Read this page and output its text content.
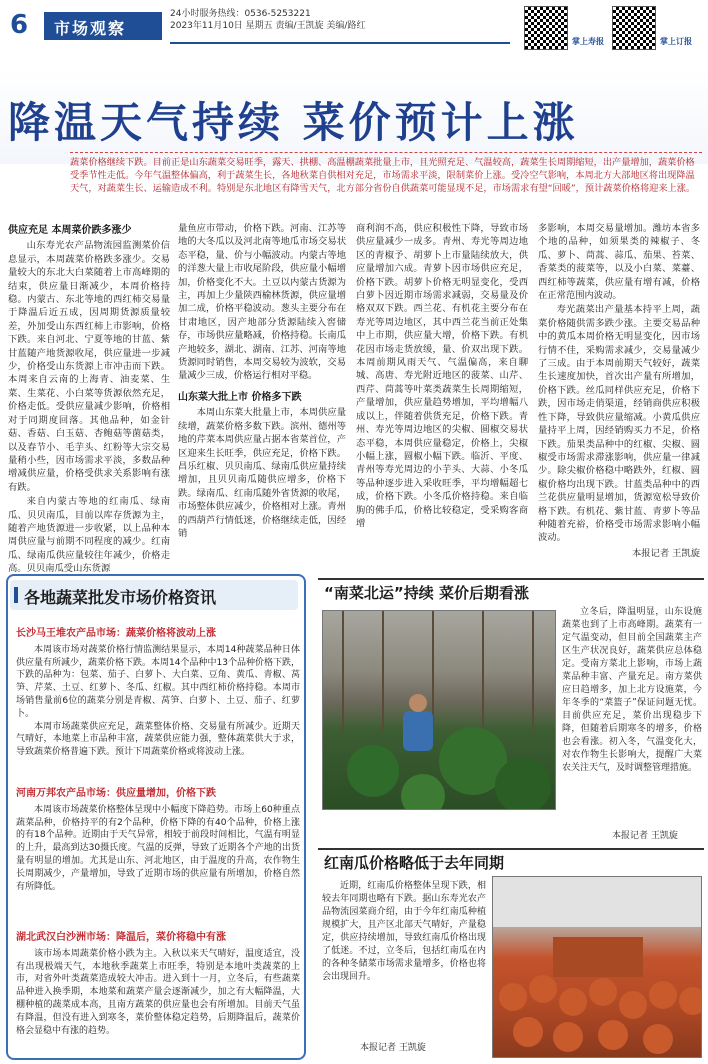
6	市场观察
24小时服务热线：0536-5253221
2023年11月10日 星期五 责编/王凯旋 美编/路红
掌上寿报	掌上订报
降温天气持续 菜价预计上涨
蔬菜价格继续下跌。目前正是山东蔬菜交易旺季，露天、拱棚、高温棚蔬菜批量上市，且光照充足、气温较高，蔬菜生长周期缩短，出产量增加，蔬菜价格受季节性走低。今年气温整体偏高，利于蔬菜生长，各地秋菜自供相对充足，市场需求平淡，限制菜价上涨。受冷空气影响，本周北方大部地区将出现降温天气，对蔬菜生长、运输造成不利。特别是东北地区有降雪天气，北方部分省份自供蔬菜可能显现不足，市场需求有望“回暖”，预计蔬菜价格将迎来上涨。
供应充足 本周菜价跌多涨少

山东寿光农产品物流园监测菜价信息显示，本周蔬菜价格跌多涨少。交易量较大的东北大白菜随着上市高峰期的结束，供应量日渐减少，本周价格持稳。内蒙古、东北等地的西红柿交易量于降温后近五成，因周期货源质量较差，外加受山东西红柿上市影响，价格下跌。来自河北、宁夏等地的甘蓝、紫甘蓝随产地货源收尾，供应量进一步减少，价格受山东货源上市冲击而下跌。本周来自云南的上海青、油麦菜、生菜、生菜花、小白菜等货源依然充足，价格走低。受供应量减少影响，价格相对于同期度回落。其他品种，如金针菇、香菇、白玉菇、杏鲍菇等菌菇类，以及春节小、毛芋头、红粉等大宗交易量稍小些，因市场需求平淡，多数品种增减供应量，价格受供求关系影响有涨有跌。

来自内蒙古等地的红南瓜、绿南瓜、贝贝南瓜，目前以库存货源为主，随着产地货源进一步收紧，以上品种本周供应量与前期不同程度的减少。红南瓜、绿南瓜供应量较往年减少，价格走高。贝贝南瓜受山东货源

量鱼应市带动，价格下跌。河南、江苏等地的大冬瓜以及河北南等地瓜市场交易状态平稳，量、价与小幅波动。内蒙古等地的洋葱大量上市收尾阶段，供应量小幅增加，价格变化不大。土豆以内蒙古货源为主，再加上少量陕西榆林货源，供应量增加二成，价格平稳波动。葱头主要分布在甘肃地区，因产地部分货源陆续入窖储存，市场供应量略减，价格持稳。长南瓜产地较多，湖北、湖南、江苏、河南等地货源同时销售，本周交易较为波软，交易量减少三成，价格运行相对平稳。

山东菜大批上市 价格多下跌

本周山东菜大批量上市，本周供应量续增，蔬菜价格多数下跌。滨州、德州等地的芹菜本周供应量占据本省菜首位，产区迎来生长旺季，供应充足，价格下跌。昌乐红椒、贝贝南瓜、绿南瓜供应量持续增加，且贝贝南瓜随供应增多，价格下跌。绿南瓜、红南瓜随外省货源的收尾，市场整体供应减少，价格相对上涨。青州的西葫芦行情低迷，价格继续走低，因经销

商利润不高，供应积极性下降，导致市场供应量减少一成多。青州、寿光等周边地区的青椒予、胡萝卜上市量陆续放大，供应量增加六成。青萝卜因市场供应充足，价格下跌。胡萝卜价格无明显变化，受西白萝卜因近期市场需求减弱，交易量及价格双双下跌。西兰花、有机花主要分布在寿光等周边地区，其中西兰花当前正处集中上市期，供应量大增，价格下跌。有机花因市场走货放缓，量、价双出现下跌。本周前期风雨天气、气温偏高，来自聊城、高唐、寿光附近地区的菠菜、山芹、西芹、茼蒿等叶菜类蔬菜生长周期缩短，产量增加，供应量趋势增加，平均增幅八成以上，伴随着供货充足，价格下跌。青州、寿光等周边地区的尖椒、圆椒交易状态平稳，本周供应量稳定，价格上，尖椒小幅上涨，圆椒小幅下跌。临沂、平度、青州等寿光周边的小芋头、大蒜、小冬瓜等品种逐步进入采收旺季，平均增幅超七成，价格下跌。小冬瓜价格持稳。来自临朐的佛手瓜，价格比较稳定，受采购客商增

多影响，本周交易量增加。潍坊本省多个地的品种，如须果类的辣椒子、冬瓜、萝卜、茼蒿、蒜瓜、茄果、苔菜、香菜类的菠菜等，以及小白菜、菜薹、西红柿等蔬菜，供应量有增有减，价格在正常范围内波动。

寿光蔬菜出产量基本持平上周，蔬菜价格随供需多跌少涨。主要交易品种中的黄瓜本周价格无明显变化，因市场行情不佳，采购需求减少，交易量减少了三成。由于本周前期天气较好，蔬菜生长速度加快，首次出产量有所增加，价格下跌。丝瓜同样供应充足，价格下跌，因市场走俏渠道，经销商供应积极性下降，导致供应量缩减。小黄瓜供应量持平上周，因经销购买力不足，价格下跌。茄果类品种中的红椒、尖椒、圆椒受市场需求滞涨影响，供应量一律减少。除尖椒价格稳中略跌外，红椒、圆椒价格均出现下跌。甘蓝类品种中的西兰花供应量明显增加，货源宽松导致价格下跌。有机花、紫甘蓝、青萝卜等品种随着充裕，价格受市场需求影响小幅波动。

本报记者 王凯旋
各地蔬菜批发市场价格资讯
长沙马王堆农产品市场：蔬菜价格将波动上涨

本周该市场对蔬菜价格行情监测结果显示，本周14种蔬菜品种日体供应量有所减少，蔬菜价格下跌。本周14个品种中13个品种价格下跌，下跌的品种为：包菜、茄子、白萝卜、大白菜、豆角、黄瓜、青椒、莴笋、芹菜、土豆、红萝卜、冬瓜、红椒。其中西红柿价格持稳。本周市场销售量前6位的蔬菜分别是青椒、莴笋、白萝卜、土豆、茄子、红萝卜。

本周市场蔬菜供应充足，蔬菜整体价格、交易量有所减少。近期天气晴好，本地菜上市品种丰富，蔬菜供应能力强，整体蔬菜供大于求，导致蔬菜价格普遍下跌。预计下周蔬菜价格或将波动上涨。

河南万邦农产品市场：供应量增加，价格下跌

本周该市场蔬菜价格整体呈现中小幅度下降趋势。市场上60种重点蔬菜品种，价格持平的有2个品种，价格下降的有40个品种，价格上涨的有18个品种。近期由于天气异常，相较于前段时间相比，气温有明显的上升，最高到达30摄氏度。气温的反弹，导致了近期各个产地的出货量有明显的增加。尤其是山东、河北地区，由于温度的升高，农作物生长周期减少，产量增加，导致了近期市场的供应量有所增加，价格自然有所降低。

湖北武汉白沙洲市场：降温后，菜价将稳中有涨

该市场本周蔬菜价格小跌为主。入秋以来天气晴好，温度适宜，没有出现极端天气，本地秋季蔬菜上市旺季，特别是本地叶类蔬菜的上市，对省外叶类蔬菜造成较大冲击。进入到十一月，立冬后，有些蔬菜品种进入换季期，本地菜和蔬菜产量会逐渐减少，加之有大幅降温，大棚种植的蔬菜成本高，且南方蔬菜的供应量也会有所增加。目前天气虽有降温，但没有进入到寒冬，菜价整体稳定趋势，后期降温后，蔬菜价格会显稳中有涨的趋势。

“南菜北运”持续 菜价后期看涨
立冬后，降温明显，山东设施蔬菜也到了上市高峰期。蔬菜有一定气温变动，但目前全国蔬菜主产区生产状况良好，蔬菜供应总体稳定。受南方菜北上影响，市场上蔬菜品种丰富、产量充足。南方菜供应日趋增多，加上北方设施菜，今年冬季的“菜篮子”保证问题无忧。目前供应充足，菜价出现稳步下降，但随着后期寒冬的增多，价格也会看涨。初入冬，气温变化大，对农作物生长影响大，提醒广大菜农关注天气，及时调整管理措施。
本报记者 王凯旋
红南瓜价格略低于去年同期
近期，红南瓜价格整体呈现下跌，相较去年同期也略有下跌。据山东寿光农产品物流园菜商介绍，由于今年红南瓜种植规模扩大，且产区北部天气晴好，产量稳定，供应持续增加，导致红南瓜价格出现了低迷。不过，立冬后，包括红南瓜在内的各种冬储菜市场需求量增多，价格也将会出现回升。
本报记者 王凯旋
